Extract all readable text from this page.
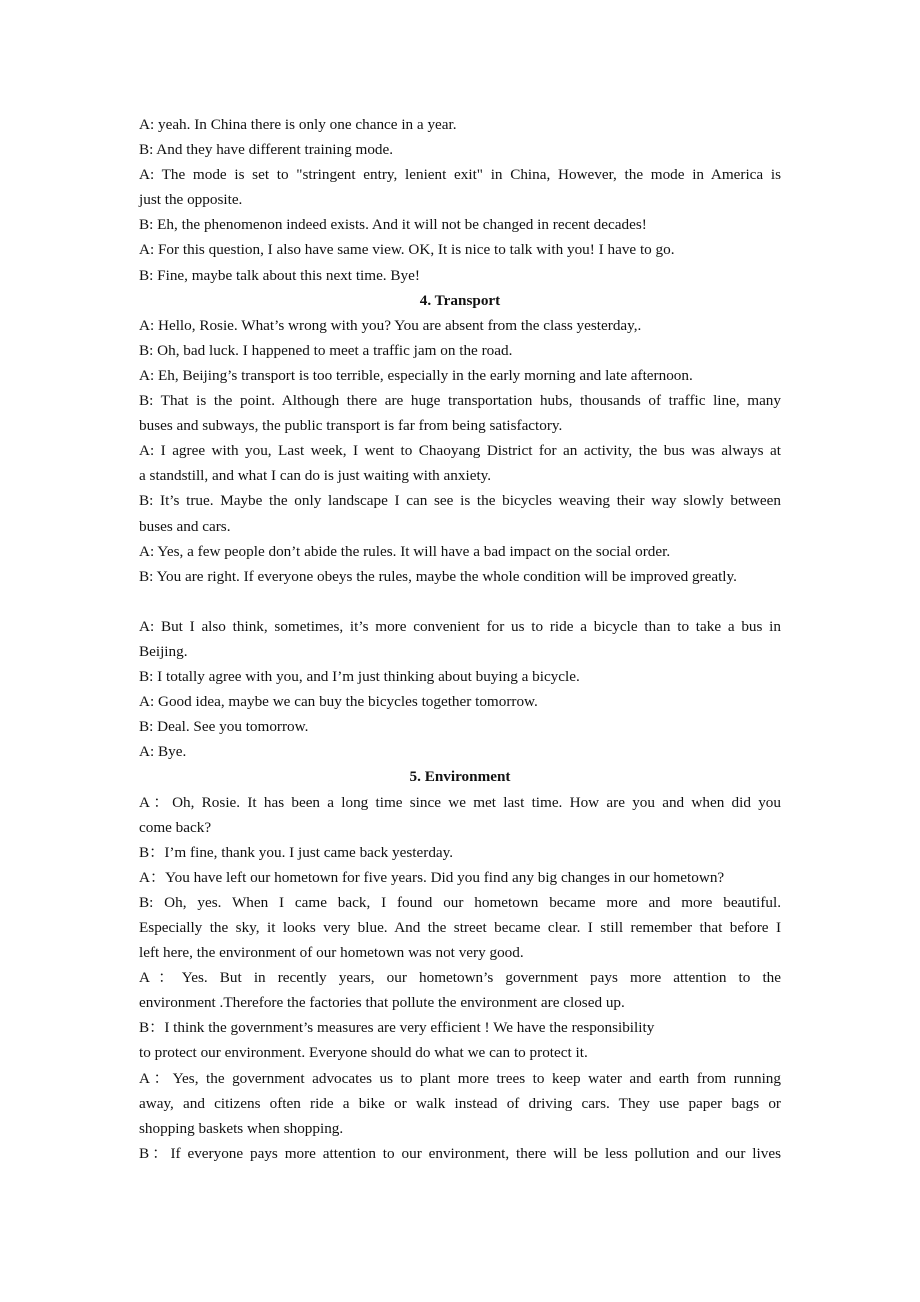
A: yeah. In China there is only one chance in a year.
B: And they have different training mode.
A: The mode is set to "stringent entry, lenient exit" in China, However, the mode in America is
just the opposite.
B: Eh, the phenomenon indeed exists. And it will not be changed in recent decades!
A: For this question, I also have same view. OK, It is nice to talk with you! I have to go.
B: Fine, maybe talk about this next time. Bye!
4. Transport
A: Hello, Rosie. What’s wrong with you? You are absent from the class yesterday,.
B: Oh, bad luck. I happened to meet a traffic jam on the road.
A: Eh, Beijing’s transport is too terrible, especially in the early morning and late afternoon.
B: That is the point. Although there are huge transportation hubs, thousands of traffic line, many
buses and subways, the public transport is far from being satisfactory.
A: I agree with you, Last week, I went to Chaoyang District for an activity, the bus was always at
a standstill, and what I can do is just waiting with anxiety.
B: It’s true. Maybe the only landscape I can see is the bicycles weaving their way slowly between
buses and cars.
A: Yes, a few people don’t abide the rules. It will have a bad impact on the social order.
B: You are right. If everyone obeys the rules, maybe the whole condition will be improved greatly.
A: But I also think, sometimes, it’s more convenient for us to ride a bicycle than to take a bus in
Beijing.
B: I totally agree with you, and I’m just thinking about buying a bicycle.
A: Good idea, maybe we can buy the bicycles together tomorrow.
B: Deal. See you tomorrow.
A: Bye.
5. Environment
A：Oh, Rosie. It has been a long time since we met last time. How are you and when did you
come back?
B：I’m fine, thank you. I just came back yesterday.
A：You have left our hometown for five years. Did you find any big changes in our hometown?
B: Oh, yes. When I came back, I found our hometown became more and more beautiful.
Especially the sky, it looks very blue. And the street became clear. I still remember that before I
left here, the environment of our hometown was not very good.
A：Yes. But in recently years, our hometown’s government pays more attention to the
environment .Therefore the factories that pollute the environment are closed up.
B：I think the government’s measures are very efficient ! We have the responsibility
to protect our environment. Everyone should do what we can to protect it.
A：Yes, the government advocates us to plant more trees to keep water and earth from running
away, and citizens often ride a bike or walk instead of driving cars. They use paper bags or
shopping baskets when shopping.
B：If everyone pays more attention to our environment, there will be less pollution and our lives
